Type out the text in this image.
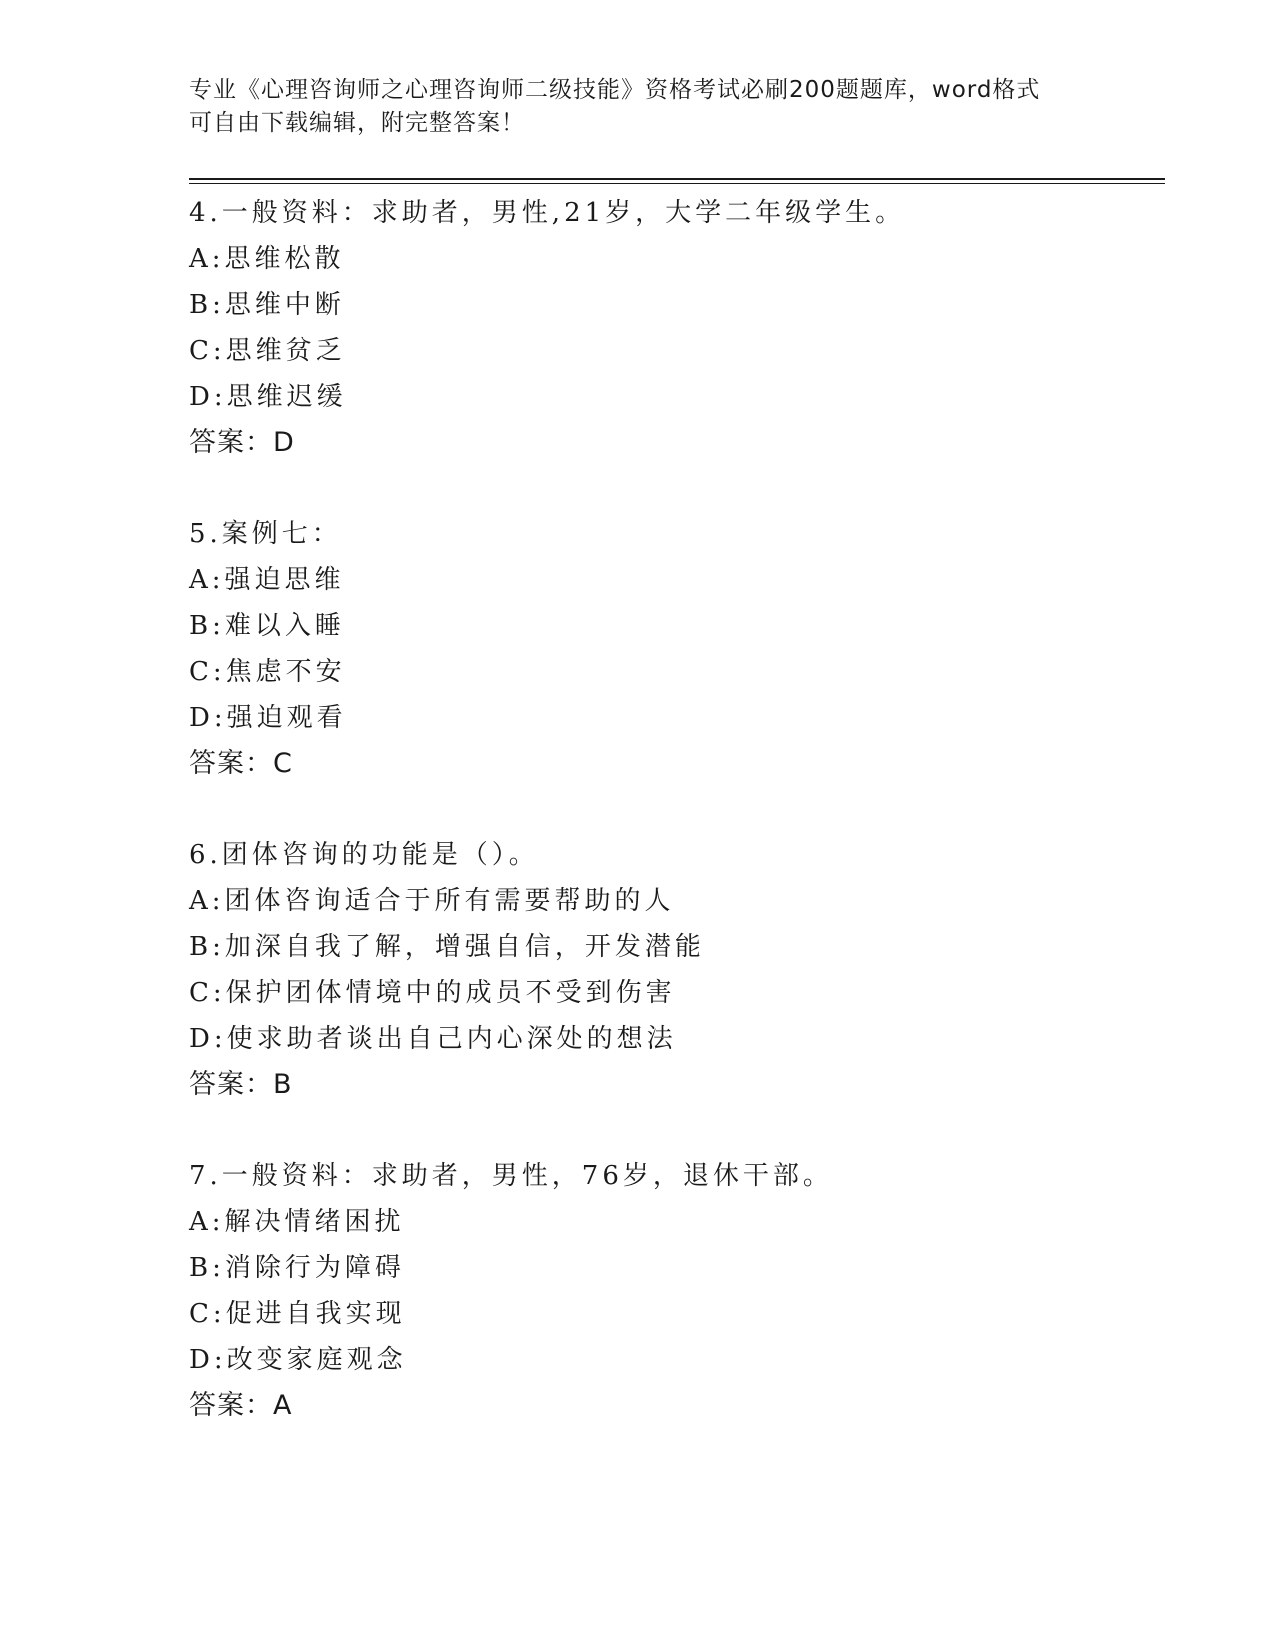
专业《心理咨询师之心理咨询师二级技能》资格考试必刷200题题库，word格式
可自由下载编辑，附完整答案！
4.一般资料：求助者，男性,21岁，大学二年级学生。
A:思维松散
B:思维中断
C:思维贫乏
D:思维迟缓
答案：D
5.案例七：
A:强迫思维
B:难以入睡
C:焦虑不安
D:强迫观看
答案：C
6.团体咨询的功能是（）。
A:团体咨询适合于所有需要帮助的人
B:加深自我了解，增强自信，开发潜能
C:保护团体情境中的成员不受到伤害
D:使求助者谈出自己内心深处的想法
答案：B
7.一般资料：求助者，男性，76岁，退休干部。
A:解决情绪困扰
B:消除行为障碍
C:促进自我实现
D:改变家庭观念
答案：A
